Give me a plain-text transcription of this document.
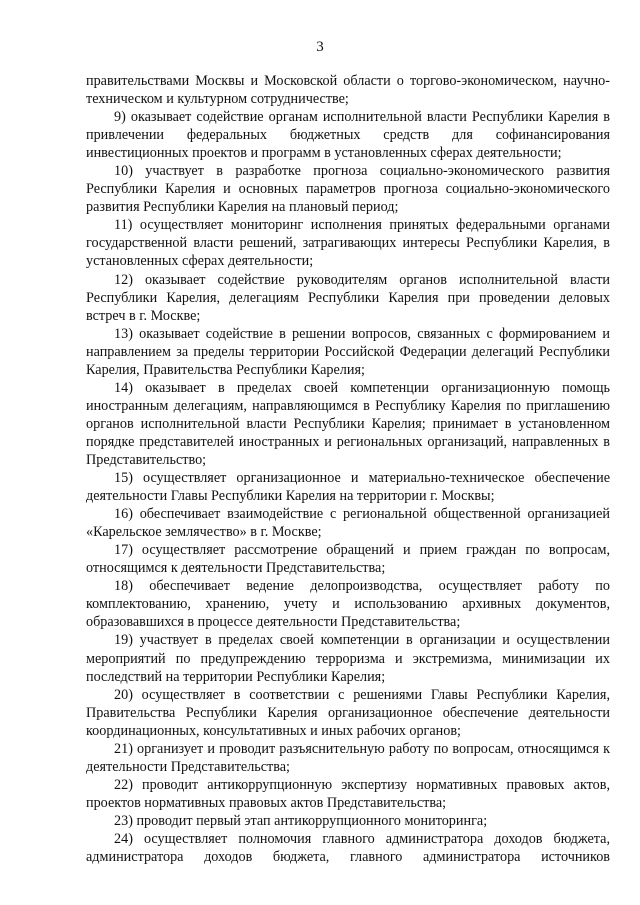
3

правительствами Москвы и Московской области о торгово-экономическом, научно-техническом и культурном сотрудничестве;

9) оказывает содействие органам исполнительной власти Республики Карелия в привлечении федеральных бюджетных средств для софинансирования инвестиционных проектов и программ в установленных сферах деятельности;

10) участвует в разработке прогноза социально-экономического развития Республики Карелия и основных параметров прогноза социально-экономического развития Республики Карелия на плановый период;

11) осуществляет мониторинг исполнения принятых федеральными органами государственной власти решений, затрагивающих интересы Республики Карелия, в установленных сферах деятельности;

12) оказывает содействие руководителям органов исполнительной власти Республики Карелия, делегациям Республики Карелия при проведении деловых встреч в г. Москве;

13) оказывает содействие в решении вопросов, связанных с формированием и направлением за пределы территории Российской Федерации делегаций Республики Карелия, Правительства Республики Карелия;

14) оказывает в пределах своей компетенции организационную помощь иностранным делегациям, направляющимся в Республику Карелия по приглашению органов исполнительной власти Республики Карелия; принимает в установленном порядке представителей иностранных и региональных организаций, направленных в Представительство;

15) осуществляет организационное и материально-техническое обеспечение деятельности Главы Республики Карелия на территории г. Москвы;

16) обеспечивает взаимодействие с региональной общественной организацией «Карельское землячество» в г. Москве;

17) осуществляет рассмотрение обращений и прием граждан по вопросам, относящимся к деятельности Представительства;

18) обеспечивает ведение делопроизводства, осуществляет работу по комплектованию, хранению, учету и использованию архивных документов, образовавшихся в процессе деятельности Представительства;

19) участвует в пределах своей компетенции в организации и осуществлении мероприятий по предупреждению терроризма и экстремизма, минимизации их последствий на территории Республики Карелия;

20) осуществляет в соответствии с решениями Главы Республики Карелия, Правительства Республики Карелия организационное обеспечение деятельности координационных, консультативных и иных рабочих органов;

21) организует и проводит разъяснительную работу по вопросам, относящимся к деятельности Представительства;

22) проводит антикоррупционную экспертизу нормативных правовых актов, проектов нормативных правовых актов Представительства;

23) проводит первый этап антикоррупционного мониторинга;

24) осуществляет полномочия главного администратора доходов бюджета, администратора доходов бюджета, главного администратора источников
